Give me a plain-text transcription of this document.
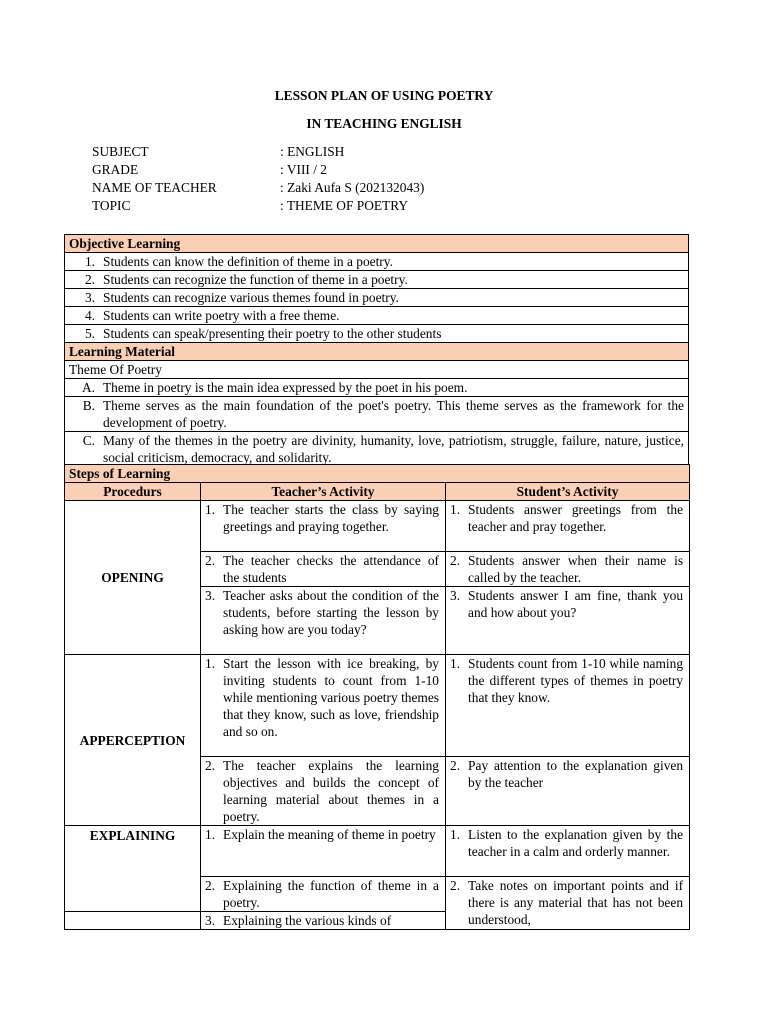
LESSON PLAN OF USING POETRY
IN TEACHING ENGLISH
SUBJECT	: ENGLISH
GRADE	: VIII / 2
NAME OF TEACHER	: Zaki Aufa S (202132043)
TOPIC	: THEME OF POETRY
Objective Learning

1. Students can know the definition of theme in a poetry.

2. Students can recognize the function of theme in a poetry.

3. Students can recognize various themes found in poetry.

4. Students can write poetry with a free theme.

5. Students can speak/presenting their poetry to the other students

Learning Material
Theme Of Poetry

A. Theme in poetry is the main idea expressed by the poet in his poem.

B. Theme serves as the main foundation of the poet's poetry. This theme serves as the framework for the development of poetry.

C. Many of the themes in the poetry are divinity, humanity, love, patriotism, struggle, failure, nature, justice, social criticism, democracy, and solidarity.
Steps of Learning		
Procedurs	Teacher’s Activity	Student’s Activity
OPENING	1. The teacher starts the class by saying greetings and praying together.	1. Students answer greetings from the teacher and pray together.

	2. The teacher checks the attendance of the students	2. Students answer when their name is called by the teacher.

	3. Teacher asks about the condition of the students, before starting the lesson by asking how are you today?	3. Students answer I am fine, thank you and how about you?

APPERCEPTION	1. Start the lesson with ice breaking, by inviting students to count from 1-10 while mentioning various poetry themes that they know, such as love, friendship and so on.	1. Students count from 1-10 while naming the different types of themes in poetry that they know.

	2. The teacher explains the learning objectives and builds the concept of learning material about themes in a poetry.	2. Pay attention to the explanation given by the teacher

EXPLAINING	1. Explain the meaning of theme in poetry	1. Listen to the explanation given by the teacher in a calm and orderly manner.

	2. Explaining the function of theme in a poetry.	2. Take notes on important points and if there is any material that has not been understood,

	3. Explaining the various kinds of	
